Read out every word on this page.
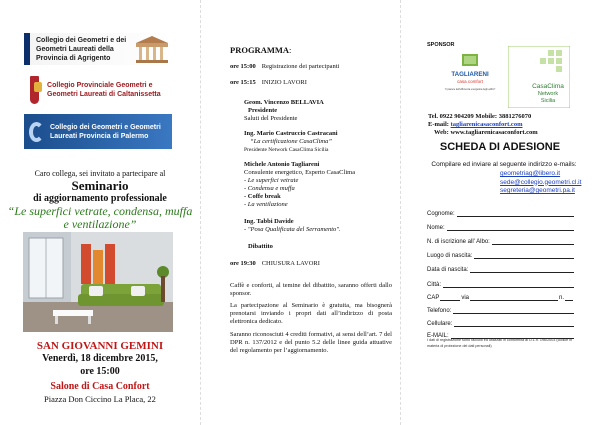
Collegio dei Geometri e dei Geometri Laureati della Provincia di Agrigento
Collegio Provinciale Geometri e Geometri Laureati di Caltanissetta
Collegio dei Geometri e Geometri Laureati Provincia di Palermo
Caro collega, sei invitato a partecipare al
Seminario
di aggiornamento professionale
“Le superfici vetrate, condensa, muffa e ventilazione”
SAN GIOVANNI GEMINI
Venerdì, 18 dicembre 2015,
ore 15:00
Salone di Casa Confort
Piazza Don Ciccino La Placa, 22
PROGRAMMA :
ore 15:00 Registrazione dei partecipanti
ore 15:15 INIZIO LAVORI
Geom. Vincenzo BELLAVIA
Presidente
Saluti del Presidente
Ing. Mario Castruccio Castracani
“La certificazione CasaClima”
Presidente Network CasaClima Sicilia
Michele Antonio Tagliareni
Consulente energetico, Esperto CasaClima
- Le superfici vetrate
- Condensa e muffa
- Coffe break
- La ventilazione
Ing. Tabbi Davide
- "Posa Qualificata del Serramento".
Dibattito
ore 19:30 CHIUSURA LAVORI
Caffè e conforti, al temine del dibattito, saranno offerti dallo sponsor.
La partecipazione al Seminario è gratuita, ma bisognerà prenotarsi inviando i propri dati all’indirizzo di posta elettronica dedicato.
Saranno riconosciuti 4 crediti formativi, ai sensi dell’art. 7 del DPR n. 137/2012 e del punto 5.2 delle linee guida attuative del regolamento per l’aggiornamento.
SPONSOR
TAGLIARENI
casa comfort
“Il piacere dell'efficienza energetica degli edifici”	CasaClima
Network
Sicilia
Tel. 0922 904209 Mobile: 3881276070
E-mail: tagliarenicasaconfort.com
Web: www.tagliarenicasaconfort.com
SCHEDA DI ADESIONE
Compilare ed inviare al seguente indirizzo e-mails:
geometriag@libero.it
sede@collegio.geometri.cl.it
segreteria@geometri.pa.it
Cognome:
Nome:
N. di iscrizione all' Albo:
Luogo di nascita:
Data di nascita:
Città:
CAP	via	n.
Telefono:
Cellulare:
E-MAIL:
I dati di registrazione sono raccolti ed utilizzati in conformità al D.L.n. 196/2003 (codice in materia di protezione dei dati personali)
